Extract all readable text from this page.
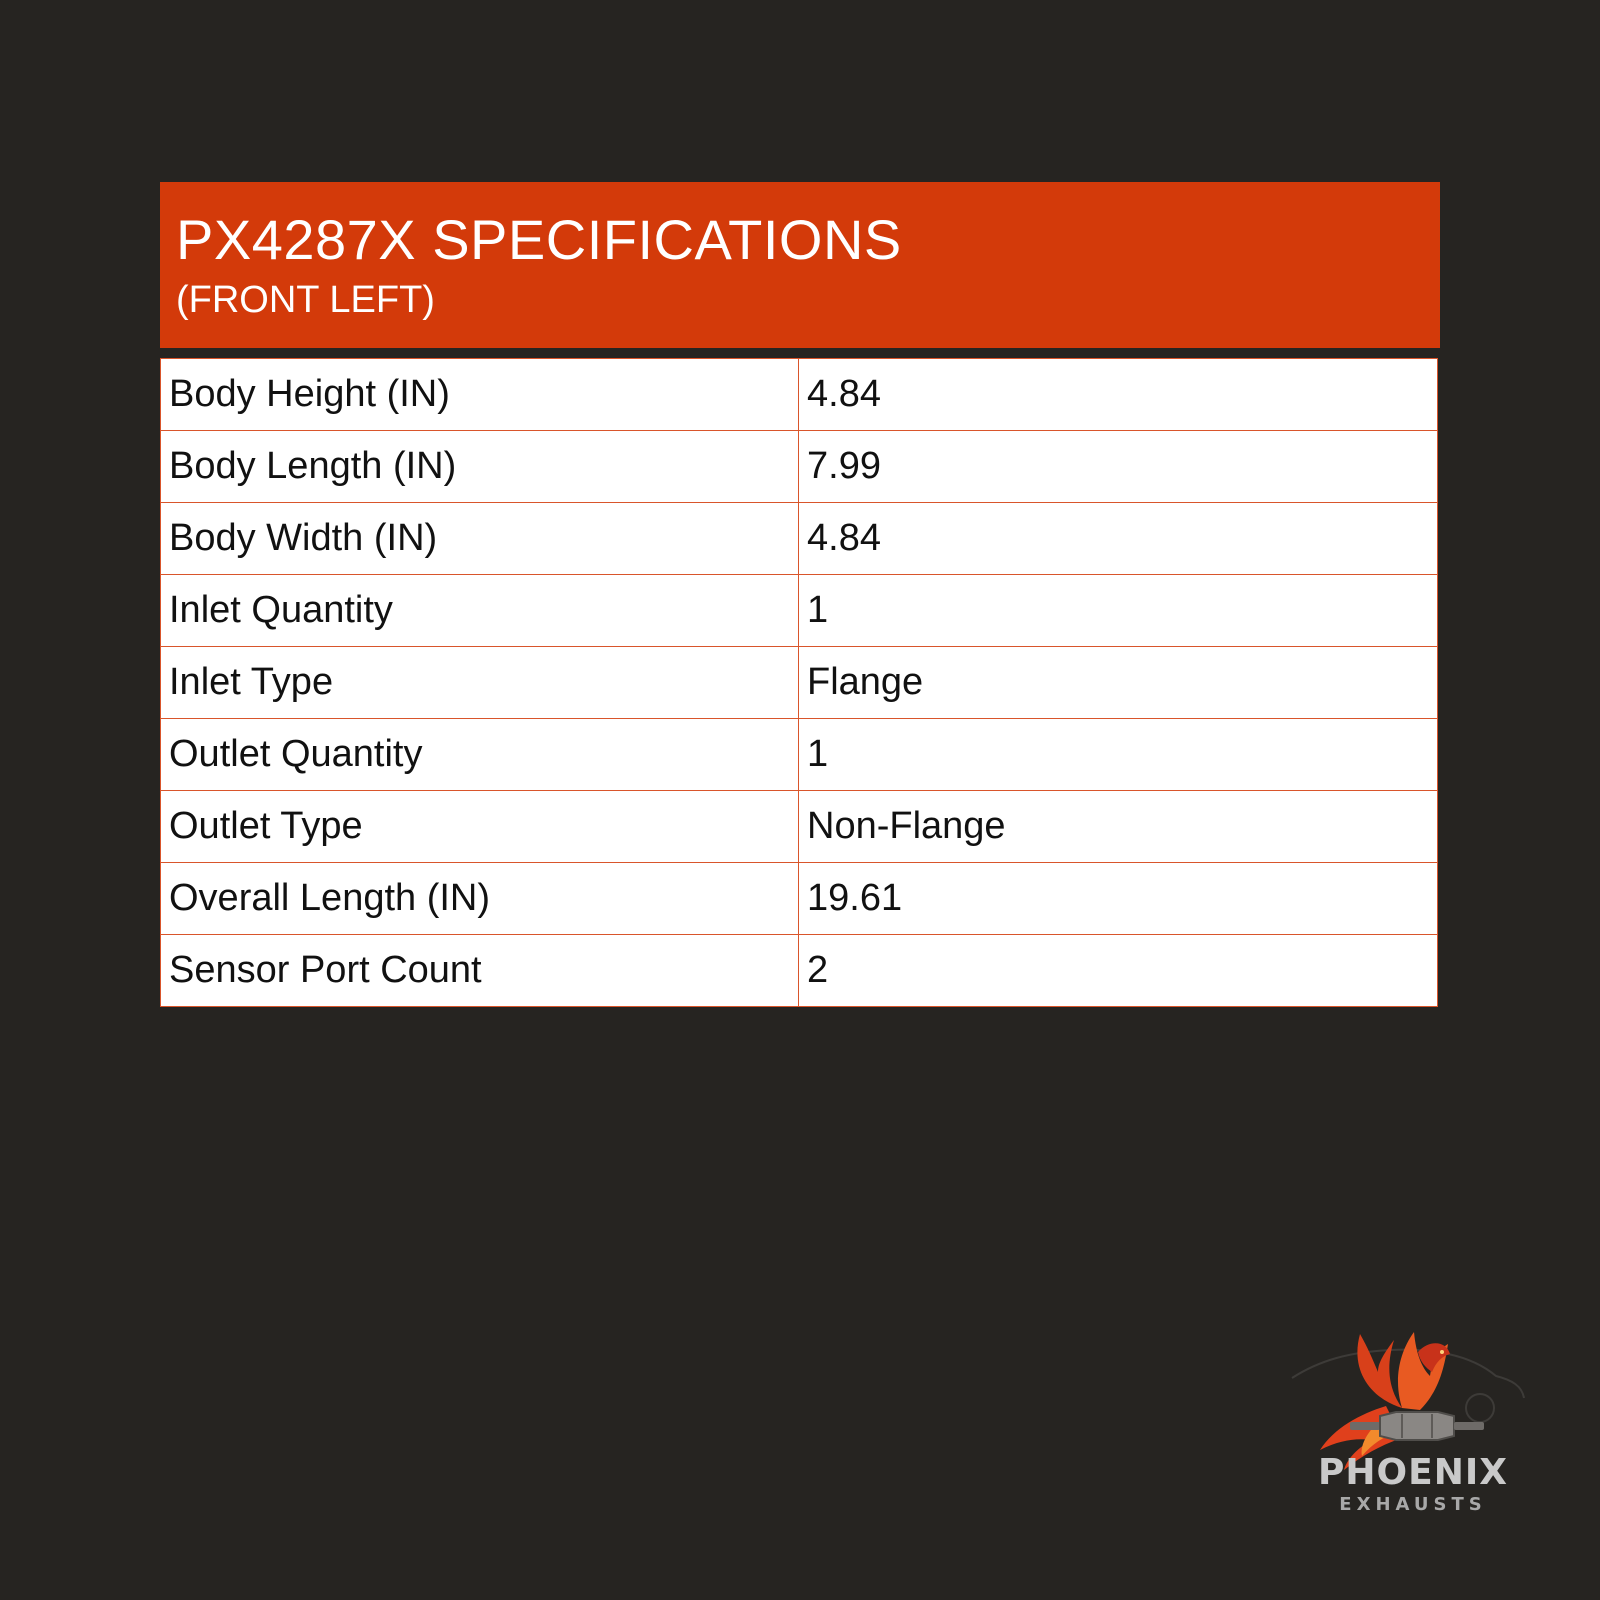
PX4287X SPECIFICATIONS
(FRONT LEFT)
Body Height (IN)	4.84
Body Length (IN)	7.99
Body Width (IN)	4.84
Inlet Quantity	1
Inlet Type	Flange
Outlet Quantity	1
Outlet Type	Non-Flange
Overall Length (IN)	19.61
Sensor Port Count	2
PHOENIX
EXHAUSTS
